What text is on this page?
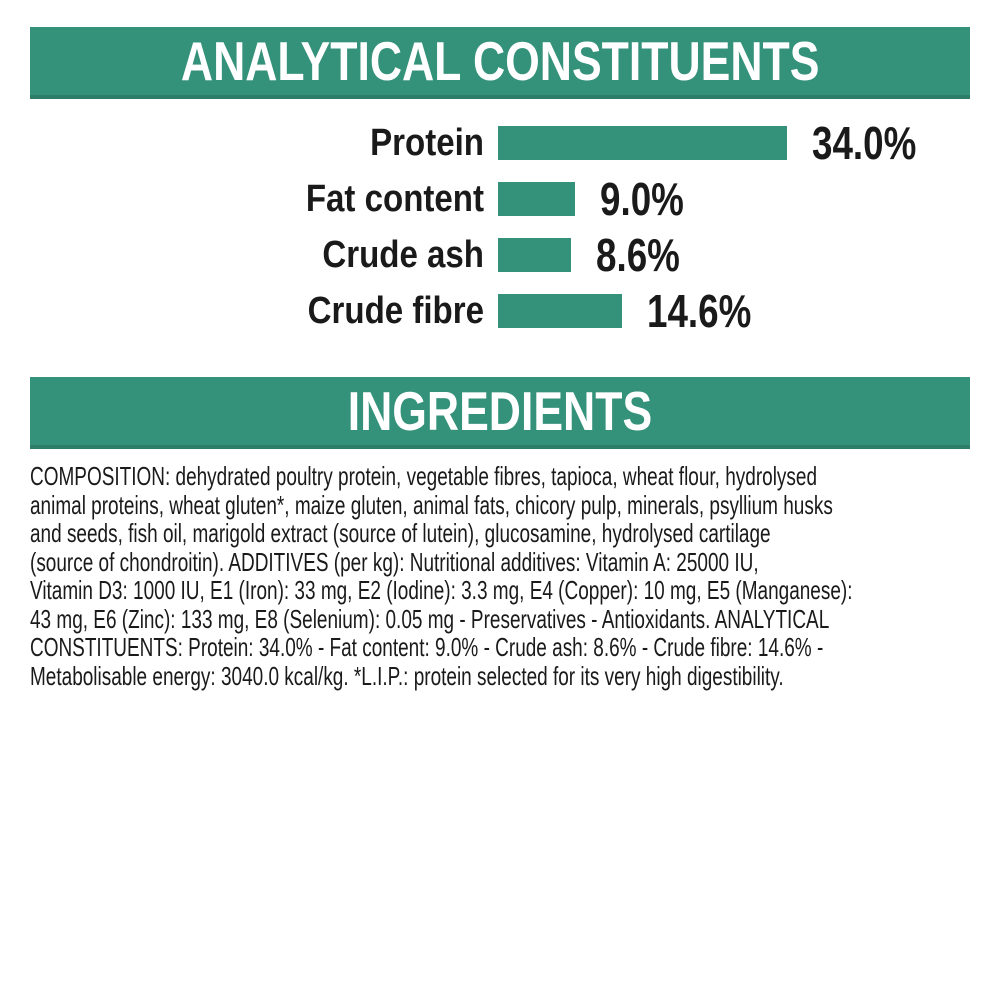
ANALYTICAL CONSTITUENTS
Protein	34.0%
Fat content	9.0%
Crude ash 8.6%
Crude fibre	14.6%
INGREDIENTS
COMPOSITION: dehydrated poultry protein, vegetable fibres, tapioca, wheat flour, hydrolysed
animal proteins, wheat gluten*, maize gluten, animal fats, chicory pulp, minerals, psyllium husks
and seeds, fish oil, marigold extract (source of lutein), glucosamine, hydrolysed cartilage
(source of chondroitin). ADDITIVES (per kg): Nutritional additives: Vitamin A: 25000 IU,
Vitamin D3: 1000 IU, E1 (Iron): 33 mg, E2 (Iodine): 3.3 mg, E4 (Copper): 10 mg, E5 (Manganese):
43 mg, E6 (Zinc): 133 mg, E8 (Selenium): 0.05 mg - Preservatives - Antioxidants. ANALYTICAL
CONSTITUENTS: Protein: 34.0% - Fat content: 9.0% - Crude ash: 8.6% - Crude fibre: 14.6% -
Metabolisable energy: 3040.0 kcal/kg. *L.I.P.: protein selected for its very high digestibility.
